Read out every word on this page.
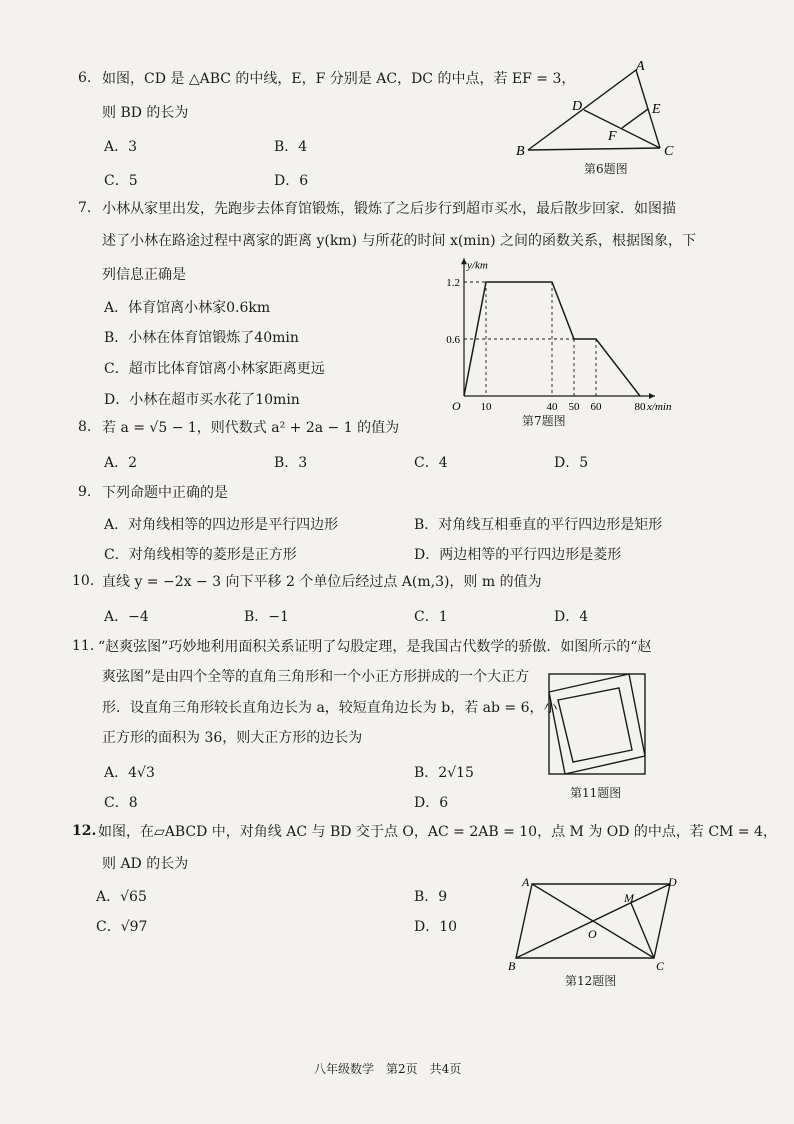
6. 如图，CD 是 △ABC 的中线，E，F 分别是 AC，DC 的中点，若 EF = 3，
则 BD 的长为
A．3	B．4
C．5	D．6
A
D	E
F
B	C
第6题图
7. 小林从家里出发，先跑步去体育馆锻炼，锻炼了之后步行到超市买水，最后散步回家．如图描
述了小林在路途过程中离家的距离 y(km) 与所花的时间 x(min) 之间的函数关系，根据图象，下
列信息正确是
A．体育馆离小林家0.6km
B．小林在体育馆锻炼了40min
C．超市比体育馆离小林家距离更远
D．小林在超市买水花了10min	10	40 50 60	80
1.2
0.6
y/km
x/min
O
第7题图
8. 若 a = √5 − 1，则代数式 a² + 2a − 1 的值为
A．2	B．3	C．4	D．5
9. 下列命题中正确的是
A．对角线相等的四边形是平行四边形	B．对角线互相垂直的平行四边形是矩形
C．对角线相等的菱形是正方形	D．两边相等的平行四边形是菱形
10. 直线 y = −2x − 3 向下平移 2 个单位后经过点 A(m,3)，则 m 的值为
A．−4	B．−1	C．1	D．4
11. “赵爽弦图”巧妙地利用面积关系证明了勾股定理，是我国古代数学的骄傲．如图所示的“赵
爽弦图”是由四个全等的直角三角形和一个小正方形拼成的一个大正方
形．设直角三角形较长直角边长为 a，较短直角边长为 b，若 ab = 6，小
正方形的面积为 36，则大正方形的边长为
A．4√3	B．2√15
C．8	D．6
第11题图
12. 如图，在▱ABCD 中，对角线 AC 与 BD 交于点 O，AC = 2AB = 10，点 M 为 OD 的中点，若 CM = 4，
则 AD 的长为
A．√65	B．9
C．√97	D．10
A	D
M
O
B	C
第12题图
八年级数学　第2页　共4页
